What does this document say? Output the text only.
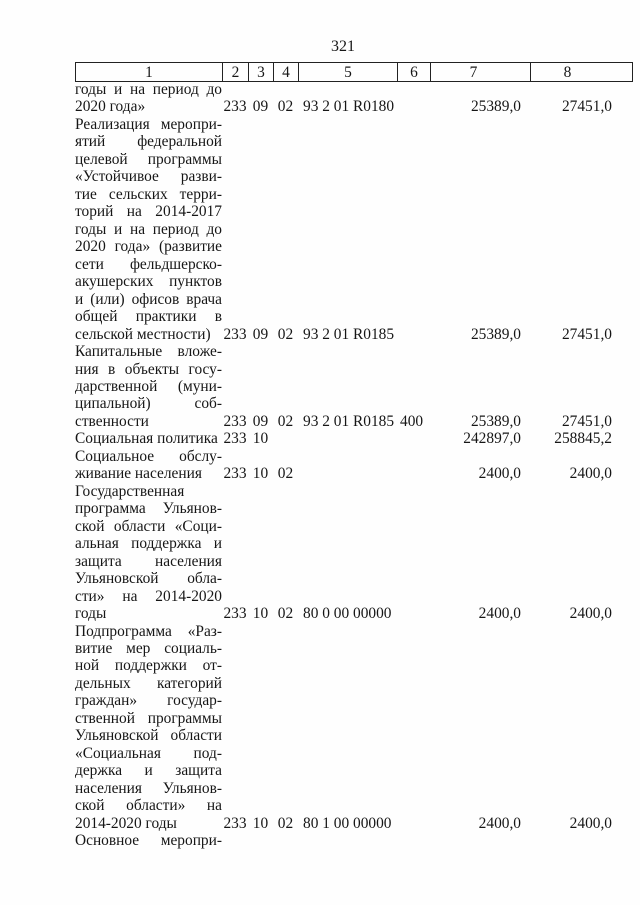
321
1	2	3	4	5	6	7	8
годы и на период до
2020 года»	233 09 02 93 2 01 R0180	25389,0	27451,0
Реализация меропри-
ятий федеральной
целевой программы
«Устойчивое разви-
тие сельских терри-
торий на 2014-2017
годы и на период до
2020 года» (развитие
сети фельдшерско-
акушерских пунктов
и (или) офисов врача
общей практики в
сельской местности) 233 09 02 93 2 01 R0185	25389,0	27451,0
Капитальные вложе-
ния в объекты госу-
дарственной (муни-
ципальной) соб-
ственности	233 09 02 93 2 01 R0185 400	25389,0	27451,0
Социальная политика 233 10	242897,0	258845,2
Социальное обслу-
живание населения	233 10 02	2400,0	2400,0
Государственная
программа Ульянов-
ской области «Соци-
альная поддержка и
защита населения
Ульяновской обла-
сти» на 2014-2020
годы	233 10 02 80 0 00 00000	2400,0	2400,0
Подпрограмма «Раз-
витие мер социаль-
ной поддержки от-
дельных категорий
граждан» государ-
ственной программы
Ульяновской области
«Социальная под-
держка и защита
населения Ульянов-
ской области» на
2014-2020 годы	233 10 02 80 1 00 00000	2400,0	2400,0
Основное меропри-
